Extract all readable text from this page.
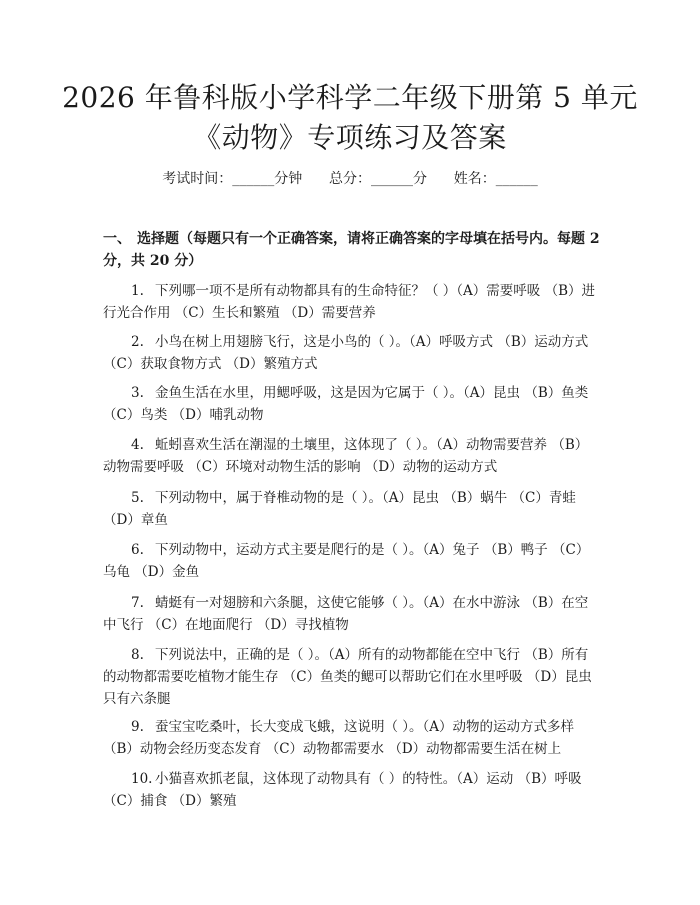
2026 年鲁科版小学科学二年级下册第 5 单元
《动物》专项练习及答案
考试时间：______分钟      总分：______分      姓名：______
一、 选择题（每题只有一个正确答案，请将正确答案的字母填在括号内。每题 2 分，共 20 分）
1. 下列哪一项不是所有动物都具有的生命特征？（ ）（A）需要呼吸 （B）进行光合作用 （C）生长和繁殖 （D）需要营养
2. 小鸟在树上用翅膀飞行，这是小鸟的（ ）。（A）呼吸方式 （B）运动方式 （C）获取食物方式 （D）繁殖方式
3. 金鱼生活在水里，用鳃呼吸，这是因为它属于（ ）。（A）昆虫 （B）鱼类 （C）鸟类 （D）哺乳动物
4. 蚯蚓喜欢生活在潮湿的土壤里，这体现了（ ）。（A）动物需要营养 （B）动物需要呼吸 （C）环境对动物生活的影响 （D）动物的运动方式
5. 下列动物中，属于脊椎动物的是（ ）。（A）昆虫 （B）蜗牛 （C）青蛙 （D）章鱼
6. 下列动物中，运动方式主要是爬行的是（ ）。（A）兔子 （B）鸭子 （C）乌龟 （D）金鱼
7. 蜻蜓有一对翅膀和六条腿，这使它能够（ ）。（A）在水中游泳 （B）在空中飞行 （C）在地面爬行 （D）寻找植物
8. 下列说法中，正确的是（ ）。（A）所有的动物都能在空中飞行 （B）所有的动物都需要吃植物才能生存 （C）鱼类的鳃可以帮助它们在水里呼吸 （D）昆虫只有六条腿
9. 蚕宝宝吃桑叶，长大变成飞蛾，这说明（ ）。（A）动物的运动方式多样 （B）动物会经历变态发育 （C）动物都需要水 （D）动物都需要生活在树上
10. 小猫喜欢抓老鼠，这体现了动物具有（ ）的特性。（A）运动 （B）呼吸 （C）捕食 （D）繁殖
